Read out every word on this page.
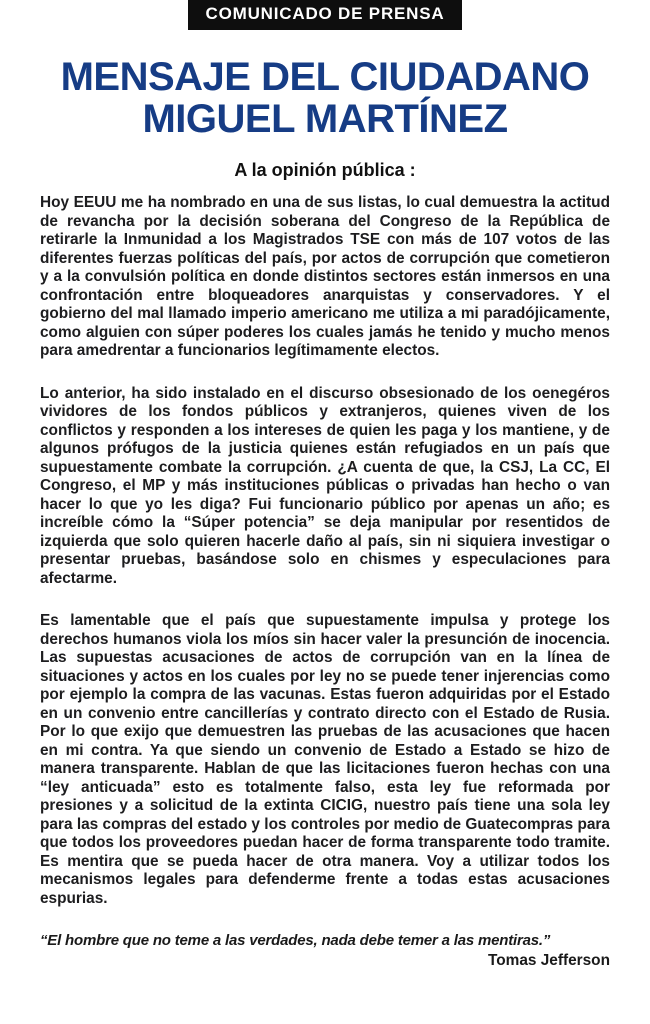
COMUNICADO DE PRENSA
MENSAJE DEL CIUDADANO
MIGUEL MARTÍNEZ
A la opinión pública :

Hoy EEUU me ha nombrado en una de sus listas, lo cual demuestra la actitud de revancha por la decisión soberana del Congreso de la República de retirarle la Inmunidad a los Magistrados TSE con más de 107 votos de las diferentes fuerzas políticas del país, por actos de corrupción que cometieron y a la convulsión política en donde distintos sectores están inmersos en una confrontación entre bloqueadores anarquistas y conservadores. Y el gobierno del mal llamado imperio americano me utiliza a mi paradójicamente, como alguien con súper poderes los cuales jamás he tenido y mucho menos para amedrentar a funcionarios legítimamente electos.

Lo anterior, ha sido instalado en el discurso obsesionado de los oenegéros vividores de los fondos públicos y extranjeros, quienes viven de los conflictos y responden a los intereses de quien les paga y los mantiene, y de algunos prófugos de la justicia quienes están refugiados en un país que supuestamente combate la corrupción. ¿A cuenta de que, la CSJ, La CC, El Congreso, el MP y más instituciones públicas o privadas han hecho o van hacer lo que yo les diga? Fui funcionario público por apenas un año; es increíble cómo la “Súper potencia” se deja manipular por resentidos de izquierda que solo quieren hacerle daño al país, sin ni siquiera investigar o presentar pruebas, basándose solo en chismes y especulaciones para afectarme.

Es lamentable que el país que supuestamente impulsa y protege los derechos humanos viola los míos sin hacer valer la presunción de inocencia. Las supuestas acusaciones de actos de corrupción van en la línea de situaciones y actos en los cuales por ley no se puede tener injerencias como por ejemplo la compra de las vacunas. Estas fueron adquiridas por el Estado en un convenio entre cancillerías y contrato directo con el Estado de Rusia. Por lo que exijo que demuestren las pruebas de las acusaciones que hacen en mi contra. Ya que siendo un convenio de Estado a Estado se hizo de manera transparente. Hablan de que las licitaciones fueron hechas con una “ley anticuada” esto es totalmente falso, esta ley fue reformada por presiones y a solicitud de la extinta CICIG, nuestro país tiene una sola ley para las compras del estado y los controles por medio de Guatecompras para que todos los proveedores puedan hacer de forma transparente todo tramite. Es mentira que se pueda hacer de otra manera. Voy a utilizar todos los mecanismos legales para defenderme frente a todas estas acusaciones espurias.

“El hombre que no teme a las verdades, nada debe temer a las mentiras.”
Tomas Jefferson
